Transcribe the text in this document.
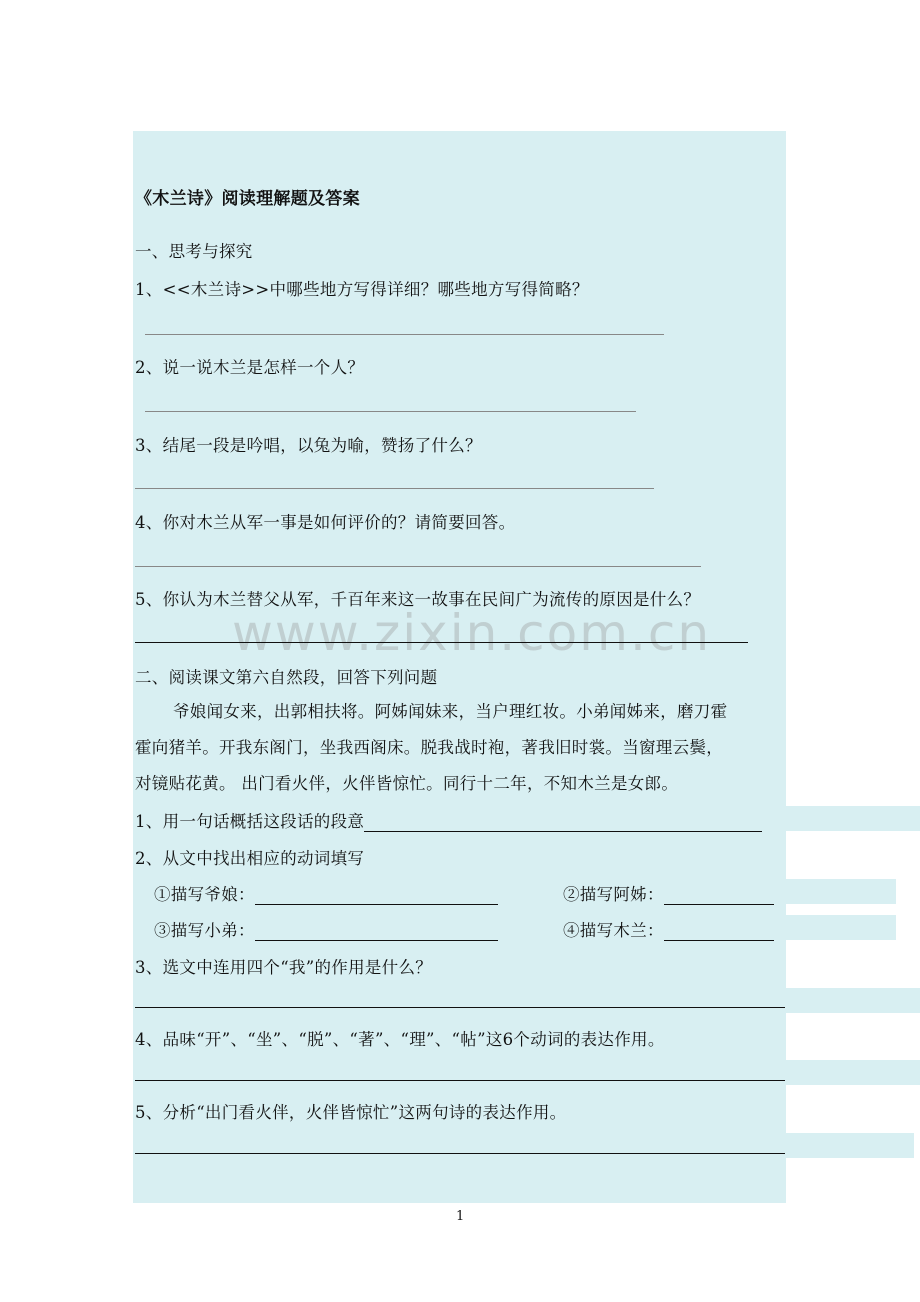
《木兰诗》阅读理解题及答案
一、思考与探究
1、<<木兰诗>>中哪些地方写得详细？哪些地方写得简略？
2、说一说木兰是怎样一个人？
3、结尾一段是吟唱，以兔为喻，赞扬了什么？
4、你对木兰从军一事是如何评价的？请简要回答。
5、你认为木兰替父从军，千百年来这一故事在民间广为流传的原因是什么？
www.zixin.com.cn
二、阅读课文第六自然段，回答下列问题
爷娘闻女来，出郭相扶将。阿姊闻妹来，当户理红妆。小弟闻姊来，磨刀霍
霍向猪羊。开我东阁门，坐我西阁床。脱我战时袍，著我旧时裳。当窗理云鬓，
对镜贴花黄。 出门看火伴，火伴皆惊忙。同行十二年，不知木兰是女郎。
1、用一句话概括这段话的段意
2、从文中找出相应的动词填写
①描写爷娘：	②描写阿姊：
③描写小弟：	④描写木兰：
3、选文中连用四个“我”的作用是什么？
4、品味“开”、“坐”、“脱”、“著”、“理”、“帖”这6个动词的表达作用。
5、分析“出门看火伴，火伴皆惊忙”这两句诗的表达作用。
1
